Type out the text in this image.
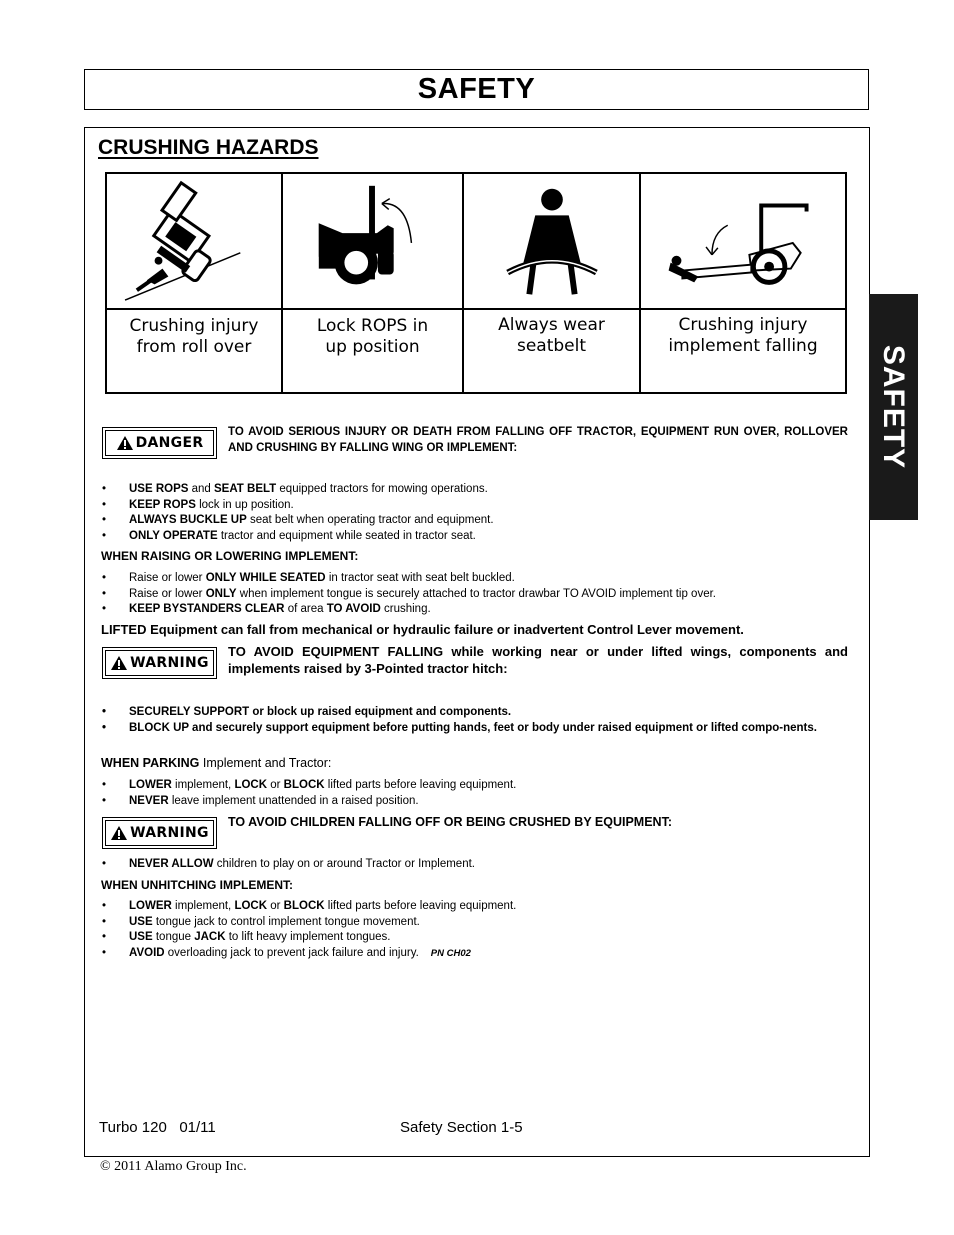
SAFETY
SAFETY
CRUSHING HAZARDS
Crushing injury
from roll over
Lock ROPS in
up position
Always wear
seatbelt
Crushing injury
implement falling
DANGER
TO AVOID SERIOUS INJURY OR DEATH FROM FALLING OFF TRACTOR, EQUIPMENT RUN OVER, ROLLOVER AND CRUSHING BY FALLING WING OR IMPLEMENT:
• USE ROPS and SEAT BELT equipped tractors for mowing operations.
• KEEP ROPS lock in up position.
• ALWAYS BUCKLE UP seat belt when operating tractor and equipment.
• ONLY OPERATE tractor and equipment while seated in tractor seat.
WHEN RAISING OR LOWERING IMPLEMENT:
• Raise or lower ONLY WHILE SEATED in tractor seat with seat belt buckled.
• Raise or lower ONLY when implement tongue is securely attached to tractor drawbar TO AVOID implement tip over.
• KEEP BYSTANDERS CLEAR of area TO AVOID crushing.
LIFTED Equipment can fall from mechanical or hydraulic failure or inadvertent Control Lever movement.
WARNING
TO AVOID EQUIPMENT FALLING while working near or under lifted wings, components and implements raised by 3-Pointed tractor hitch:
• SECURELY SUPPORT or block up raised equipment and components.
• BLOCK UP and securely support equipment before putting hands, feet or body under raised equipment or lifted compo-nents.
WHEN PARKING Implement and Tractor:
• LOWER implement, LOCK or BLOCK lifted parts before leaving equipment.
• NEVER leave implement unattended in a raised position.
WARNING
TO AVOID CHILDREN FALLING OFF OR BEING CRUSHED BY EQUIPMENT:
• NEVER ALLOW children to play on or around Tractor or Implement.
WHEN UNHITCHING IMPLEMENT:
• LOWER implement, LOCK or BLOCK lifted parts before leaving equipment.
• USE tongue jack to control implement tongue movement.
• USE tongue JACK to lift heavy implement tongues.
• AVOID overloading jack to prevent jack failure and injury. PN CH02
Turbo 120   01/11	Safety Section 1-5
© 2011 Alamo Group Inc.
